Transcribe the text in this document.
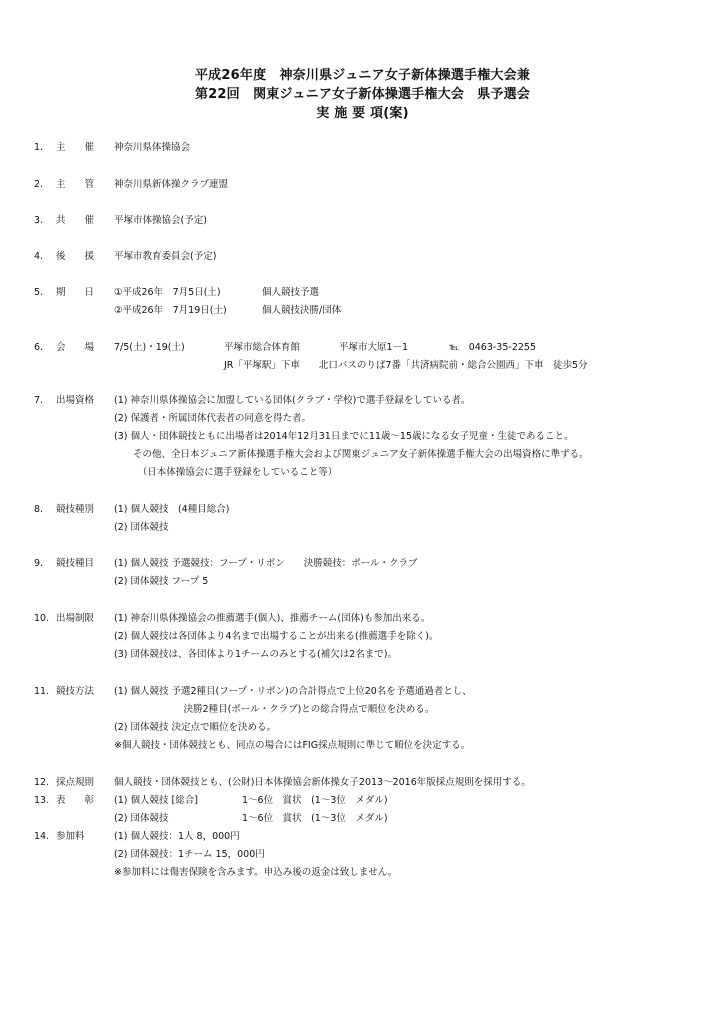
平成26年度　神奈川県ジュニア女子新体操選手権大会兼
第22回　関東ジュニア女子新体操選手権大会　県予選会
実 施 要 項(案)
1.	主　　催	神奈川県体操協会
2.	主　　管	神奈川県新体操クラブ連盟
3.	共　　催	平塚市体操協会(予定)
4.	後　　援	平塚市教育委員会(予定)
5.	期　　日	①平成26年　7月5日(土)	個人競技予選
②平成26年　7月19日(土)	個人競技決勝/団体
6.	会　　場	7/5(土)・19(土)	平塚市総合体育館	平塚市大原1－1	℡　0463-35-2255
JR「平塚駅」下車　　北口バスのりば7番「共済病院前・総合公園西」下車　徒歩5分
7.	出場資格	(1) 神奈川県体操協会に加盟している団体(クラブ・学校)で選手登録をしている者。
(2) 保護者・所属団体代表者の同意を得た者。
(3) 個人・団体競技ともに出場者は2014年12月31日までに11歳～15歳になる女子児童・生徒であること。
　　その他、全日本ジュニア新体操選手権大会および関東ジュニア女子新体操選手権大会の出場資格に準ずる。
　　　（日本体操協会に選手登録をしていること等）
8.	競技種別	(1) 個人競技　(4種目総合)
(2) 団体競技
9.	競技種目	(1) 個人競技 予選競技：フープ・リボン　　決勝競技：ボール・クラブ
(2) 団体競技 フープ 5
10. 出場制限	(1) 神奈川県体操協会の推薦選手(個人)、推薦チーム(団体)も参加出来る。
(2) 個人競技は各団体より4名まで出場することが出来る(推薦選手を除く)。
(3) 団体競技は、各団体より1チームのみとする(補欠は2名まで)。
11. 競技方法	(1) 個人競技 予選2種目(フープ・リボン)の合計得点で上位20名を予選通過者とし、
　　　　　　　 決勝2種目(ボール・クラブ)との総合得点で順位を決める。
(2) 団体競技 決定点で順位を決める。
※個人競技・団体競技とも、同点の場合にはFIG採点規則に準じて順位を決定する。
12. 採点規則	個人競技・団体競技とも、(公財)日本体操協会新体操女子2013～2016年版採点規則を採用する。
13. 表　　彰	(1) 個人競技 [総合]	1～6位　賞状　(1～3位　メダル)
(2) 団体競技	1～6位　賞状　(1～3位　メダル)
14. 参加料	(1) 個人競技：1人 8，000円
(2) 団体競技：1チーム 15，000円
※参加料には傷害保険を含みます。申込み後の返金は致しません。
